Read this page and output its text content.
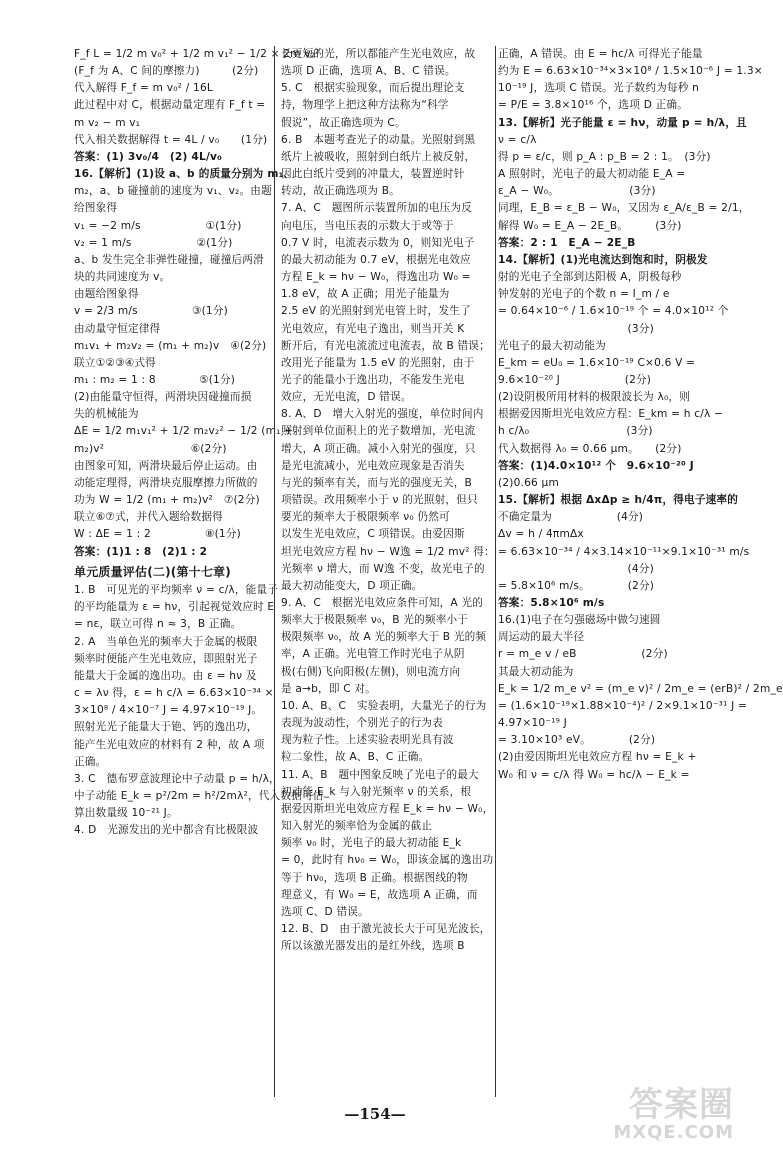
F_f L = 1/2 m v₀² + 1/2 m v₁² − 1/2 × 2m v₂²
(F_f 为 A、C 间的摩擦力)　　　(2分)
代入解得 F_f = m v₀² / 16L
此过程中对 C，根据动量定理有 F_f t =
m v₂ − m v₁
代入相关数据解得 t = 4L / v₀　　(1分)
答案：(1) 3v₀/4　(2) 4L/v₀
16.【解析】(1)设 a、b 的质量分别为 m₁、
m₂，a、b 碰撞前的速度为 v₁、v₂。由题
给图象得
v₁ = −2 m/s　　　　　　①(1分)
v₂ = 1 m/s　　　　　　②(1分)
a、b 发生完全非弹性碰撞，碰撞后两滑
块的共同速度为 v。
由题给图象得
v = 2/3 m/s　　　　　③(1分)
由动量守恒定律得
m₁v₁ + m₂v₂ = (m₁ + m₂)v　④(2分)
联立①②③④式得
m₁ : m₂ = 1 : 8　　　　⑤(1分)
(2)由能量守恒得，两滑块因碰撞而损
失的机械能为
ΔE = 1/2 m₁v₁² + 1/2 m₂v₂² − 1/2 (m₁ +
m₂)v²　　　　　　　　⑥(2分)
由图象可知，两滑块最后停止运动。由
动能定理得，两滑块克服摩擦力所做的
功为 W = 1/2 (m₁ + m₂)v²　⑦(2分)
联立⑥⑦式，并代入题给数据得
W : ΔE = 1 : 2　　　　　⑧(1分)
答案：(1)1 : 8　(2)1 : 2
单元质量评估(二)(第十七章)
1. B　可见光的平均频率 ν = c/λ，能量子
的平均能量为 ε = hν，引起视觉效应时 E
= nε，联立可得 n ≈ 3，B 正确。
2. A　当单色光的频率大于金属的极限
频率时便能产生光电效应，即照射光子
能量大于金属的逸出功。由 ε = hν 及
c = λν 得，ε = h c/λ = 6.63×10⁻³⁴ ×
3×10⁸ / 4×10⁻⁷ J = 4.97×10⁻¹⁹ J。
照射光光子能量大于铯、钙的逸出功，
能产生光电效应的材料有 2 种，故 A 项
正确。
3. C　德布罗意波理论中子动量 p = h/λ，
中子动能 E_k = p²/2m = h²/2mλ²，代入数据可估
算出数量级 10⁻²¹ J。
4. D　光源发出的光中都含有比极限波
长更短的光，所以都能产生光电效应，故
选项 D 正确，选项 A、B、C 错误。
5. C　根据实验现象，而后提出理论支
持，物理学上把这种方法称为“科学
假说”，故正确选项为 C。
6. B　本题考查光子的动量。光照射到黑
纸片上被吸收，照射到白纸片上被反射，
因此白纸片受到的冲量大，装置逆时针
转动，故正确选项为 B。
7. A、C　题图所示装置所加的电压为反
向电压，当电压表的示数大于或等于
0.7 V 时，电流表示数为 0，则知光电子
的最大初动能为 0.7 eV，根据光电效应
方程 E_k = hν − W₀，得逸出功 W₀ =
1.8 eV，故 A 正确；用光子能量为
2.5 eV 的光照射到光电管上时，发生了
光电效应，有光电子逸出，则当开关 K
断开后，有光电流流过电流表，故 B 错误；
改用光子能量为 1.5 eV 的光照射，由于
光子的能量小于逸出功，不能发生光电
效应，无光电流，D 错误。
8. A、D　增大入射光的强度，单位时间内
照射到单位面积上的光子数增加，光电流
增大，A 项正确。减小入射光的强度，只
是光电流减小，光电效应现象是否消失
与光的频率有关，而与光的强度无关，B
项错误。改用频率小于 ν 的光照射，但只
要光的频率大于极限频率 ν₀ 仍然可
以发生光电效应，C 项错误。由爱因斯
坦光电效应方程 hν − W逸 = 1/2 mv² 得：
光频率 ν 增大，而 W逸 不变，故光电子的
最大初动能变大，D 项正确。
9. A、C　根据光电效应条件可知，A 光的
频率大于极限频率 ν₀，B 光的频率小于
极限频率 ν₀，故 A 光的频率大于 B 光的频
率，A 正确。光电管工作时光电子从阴
极(右侧)飞向阳极(左侧)，则电流方向
是 a→b，即 C 对。
10. A、B、C　实验表明，大量光子的行为
表现为波动性，个别光子的行为表
现为粒子性。上述实验表明光具有波
粒二象性，故 A、B、C 正确。
11. A、B　题中图象反映了光电子的最大
初动能 E_k 与入射光频率 ν 的关系，根
据爱因斯坦光电效应方程 E_k = hν − W₀，
知入射光的频率恰为金属的截止
频率 ν₀ 时，光电子的最大初动能 E_k
= 0，此时有 hν₀ = W₀，即该金属的逸出功
等于 hν₀，选项 B 正确。根据图线的物
理意义，有 W₀ = E，故选项 A 正确，而
选项 C、D 错误。
12. B、D　由于激光波长大于可见光波长，
所以该激光器发出的是红外线，选项 B
正确，A 错误。由 E = hc/λ 可得光子能量
约为 E = 6.63×10⁻³⁴×3×10⁸ / 1.5×10⁻⁶ J = 1.3×
10⁻¹⁹ J，选项 C 错误。光子数约为每秒 n
= P/E = 3.8×10¹⁶ 个，选项 D 正确。
13.【解析】光子能量 ε = hν，动量 p = h/λ，且
ν = c/λ
得 p = ε/c，则 p_A : p_B = 2 : 1。　(3分)
A 照射时，光电子的最大初动能 E_A =
ε_A − W₀。　　　　　　　(3分)
同理，E_B = ε_B − W₀，又因为 ε_A/ε_B = 2/1，
解得 W₀ = E_A − 2E_B。　　　(3分)
答案：2 : 1　E_A − 2E_B
14.【解析】(1)光电流达到饱和时，阴极发
射的光电子全部到达阳极 A，阴极每秒
钟发射的光电子的个数 n = I_m / e
= 0.64×10⁻⁶ / 1.6×10⁻¹⁹ 个 = 4.0×10¹² 个
　　　　　　　　　　　　(3分)
光电子的最大初动能为
E_km = eU₀ = 1.6×10⁻¹⁹ C×0.6 V =
9.6×10⁻²⁰ J　　　　　　(2分)
(2)设阴极所用材料的极限波长为 λ₀，则
根据爱因斯坦光电效应方程：E_km = h c/λ −
h c/λ₀　　　　　　　　　(3分)
代入数据得 λ₀ = 0.66 μm。　　(2分)
答案：(1)4.0×10¹² 个　9.6×10⁻²⁰ J
(2)0.66 μm
15.【解析】根据 ΔxΔp ≥ h/4π，得电子速率的
不确定量为　　　　　　(4分)
Δv = h / 4πmΔx
= 6.63×10⁻³⁴ / 4×3.14×10⁻¹¹×9.1×10⁻³¹ m/s
　　　　　　　　　　　　(4分)
= 5.8×10⁶ m/s。　　　　(2分)
答案：5.8×10⁶ m/s
16.(1)电子在匀强磁场中做匀速圆
周运动的最大半径
r = m_e v / eB　　　　　　(2分)
其最大初动能为
E_k = 1/2 m_e v² = (m_e v)² / 2m_e = (erB)² / 2m_e
= (1.6×10⁻¹⁹×1.88×10⁻⁴)² / 2×9.1×10⁻³¹ J =
4.97×10⁻¹⁹ J
= 3.10×10³ eV。　　　　(2分)
(2)由爱因斯坦光电效应方程 hν = E_k +
W₀ 和 ν = c/λ 得 W₀ = hc/λ − E_k =
—154—	答案圈
MXQE.COM
